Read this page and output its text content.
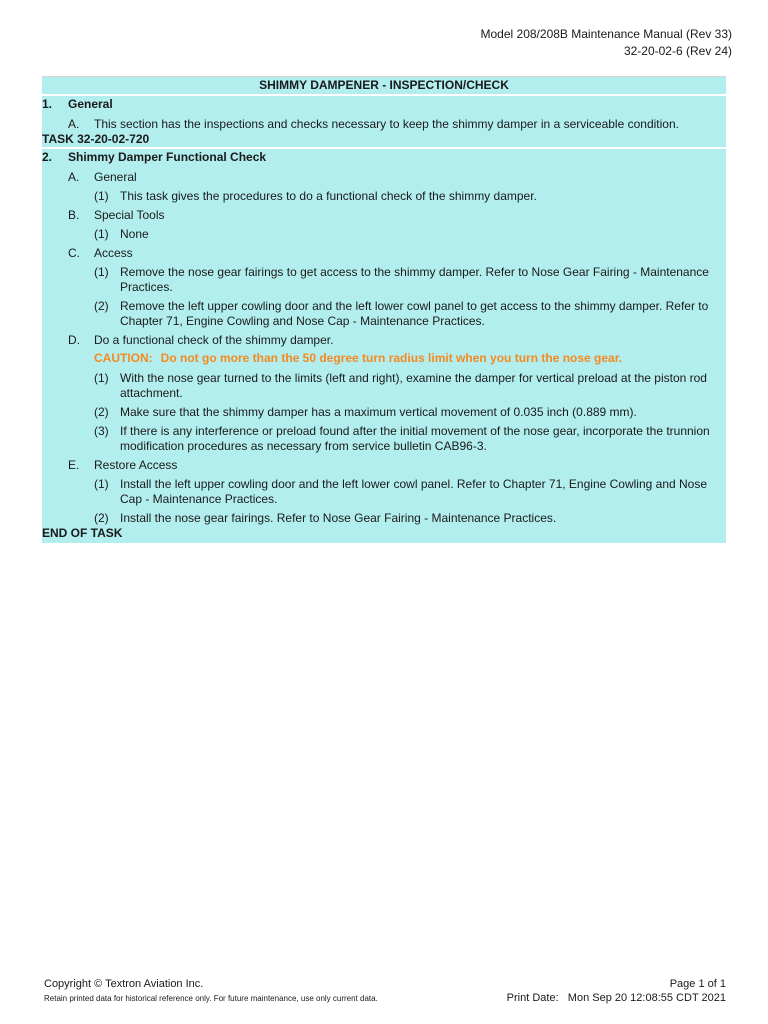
Model 208/208B Maintenance Manual (Rev 33)
32-20-02-6 (Rev 24)
SHIMMY DAMPENER - INSPECTION/CHECK
1.	General
A. This section has the inspections and checks necessary to keep the shimmy damper in a serviceable condition.
TASK 32-20-02-720
2.	Shimmy Damper Functional Check
A. General
(1) This task gives the procedures to do a functional check of the shimmy damper.
B. Special Tools
(1) None
C. Access
(1) Remove the nose gear fairings to get access to the shimmy damper. Refer to Nose Gear Fairing - Maintenance Practices.
(2) Remove the left upper cowling door and the left lower cowl panel to get access to the shimmy damper. Refer to Chapter 71, Engine Cowling and Nose Cap - Maintenance Practices.
D. Do a functional check of the shimmy damper.
CAUTION: Do not go more than the 50 degree turn radius limit when you turn the nose gear.
(1) With the nose gear turned to the limits (left and right), examine the damper for vertical preload at the piston rod attachment.
(2) Make sure that the shimmy damper has a maximum vertical movement of 0.035 inch (0.889 mm).
(3) If there is any interference or preload found after the initial movement of the nose gear, incorporate the trunnion modification procedures as necessary from service bulletin CAB96-3.
E. Restore Access
(1) Install the left upper cowling door and the left lower cowl panel. Refer to Chapter 71, Engine Cowling and Nose Cap - Maintenance Practices.
(2) Install the nose gear fairings. Refer to Nose Gear Fairing - Maintenance Practices.
END OF TASK
Copyright © Textron Aviation Inc.
Retain printed data for historical reference only. For future maintenance, use only current data.
Page 1 of 1
Print Date:   Mon Sep 20 12:08:55 CDT 2021
